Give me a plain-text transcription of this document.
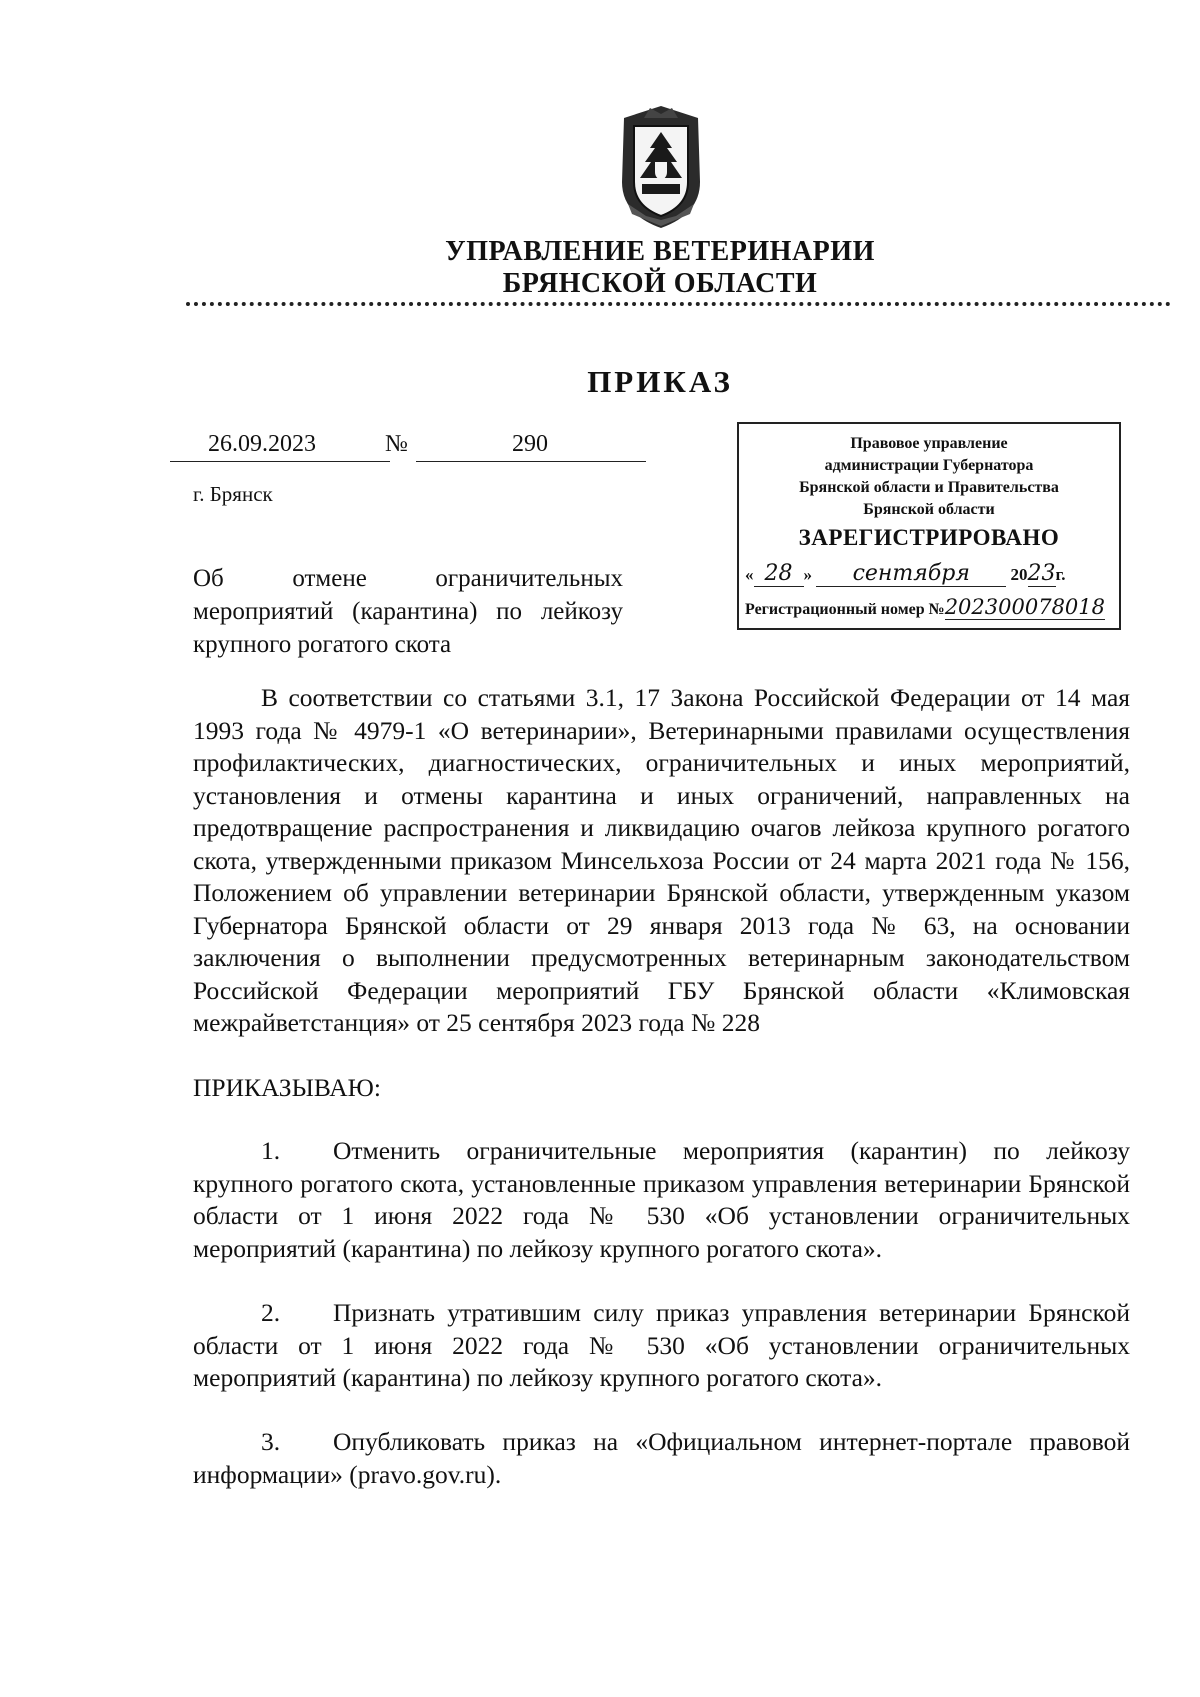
УПРАВЛЕНИЕ ВЕТЕРИНАРИИ
БРЯНСКОЙ ОБЛАСТИ
ПРИКАЗ
26.09.2023	№	290
г. Брянск
Об отмене ограничительных мероприятий (карантина) по лейкозу крупного рогатого скота
Правовое управление
администрации Губернатора
Брянской области и Правительства
Брянской области
ЗАРЕГИСТРИРОВАНО
« 28 » сентября 2023г.
Регистрационный номер №202300078018
В соответствии со статьями 3.1, 17 Закона Российской Федерации от 14 мая 1993 года № 4979-1 «О ветеринарии», Ветеринарными правилами осуществления профилактических, диагностических, ограничительных и иных мероприятий, установления и отмены карантина и иных ограничений, направленных на предотвращение распространения и ликвидацию очагов лейкоза крупного рогатого скота, утвержденными приказом Минсельхоза России от 24 марта 2021 года № 156, Положением об управлении ветеринарии Брянской области, утвержденным указом Губернатора Брянской области от 29 января 2013 года № 63, на основании заключения о выполнении предусмотренных ветеринарным законодательством Российской Федерации мероприятий ГБУ Брянской области «Климовская межрайветстанция» от 25 сентября 2023 года № 228
ПРИКАЗЫВАЮ:
1. Отменить ограничительные мероприятия (карантин) по лейкозу крупного рогатого скота, установленные приказом управления ветеринарии Брянской области от 1 июня 2022 года № 530 «Об установлении ограничительных мероприятий (карантина) по лейкозу крупного рогатого скота».
2. Признать утратившим силу приказ управления ветеринарии Брянской области от 1 июня 2022 года № 530 «Об установлении ограничительных мероприятий (карантина) по лейкозу крупного рогатого скота».
3. Опубликовать приказ на «Официальном интернет-портале правовой информации» (pravo.gov.ru).
